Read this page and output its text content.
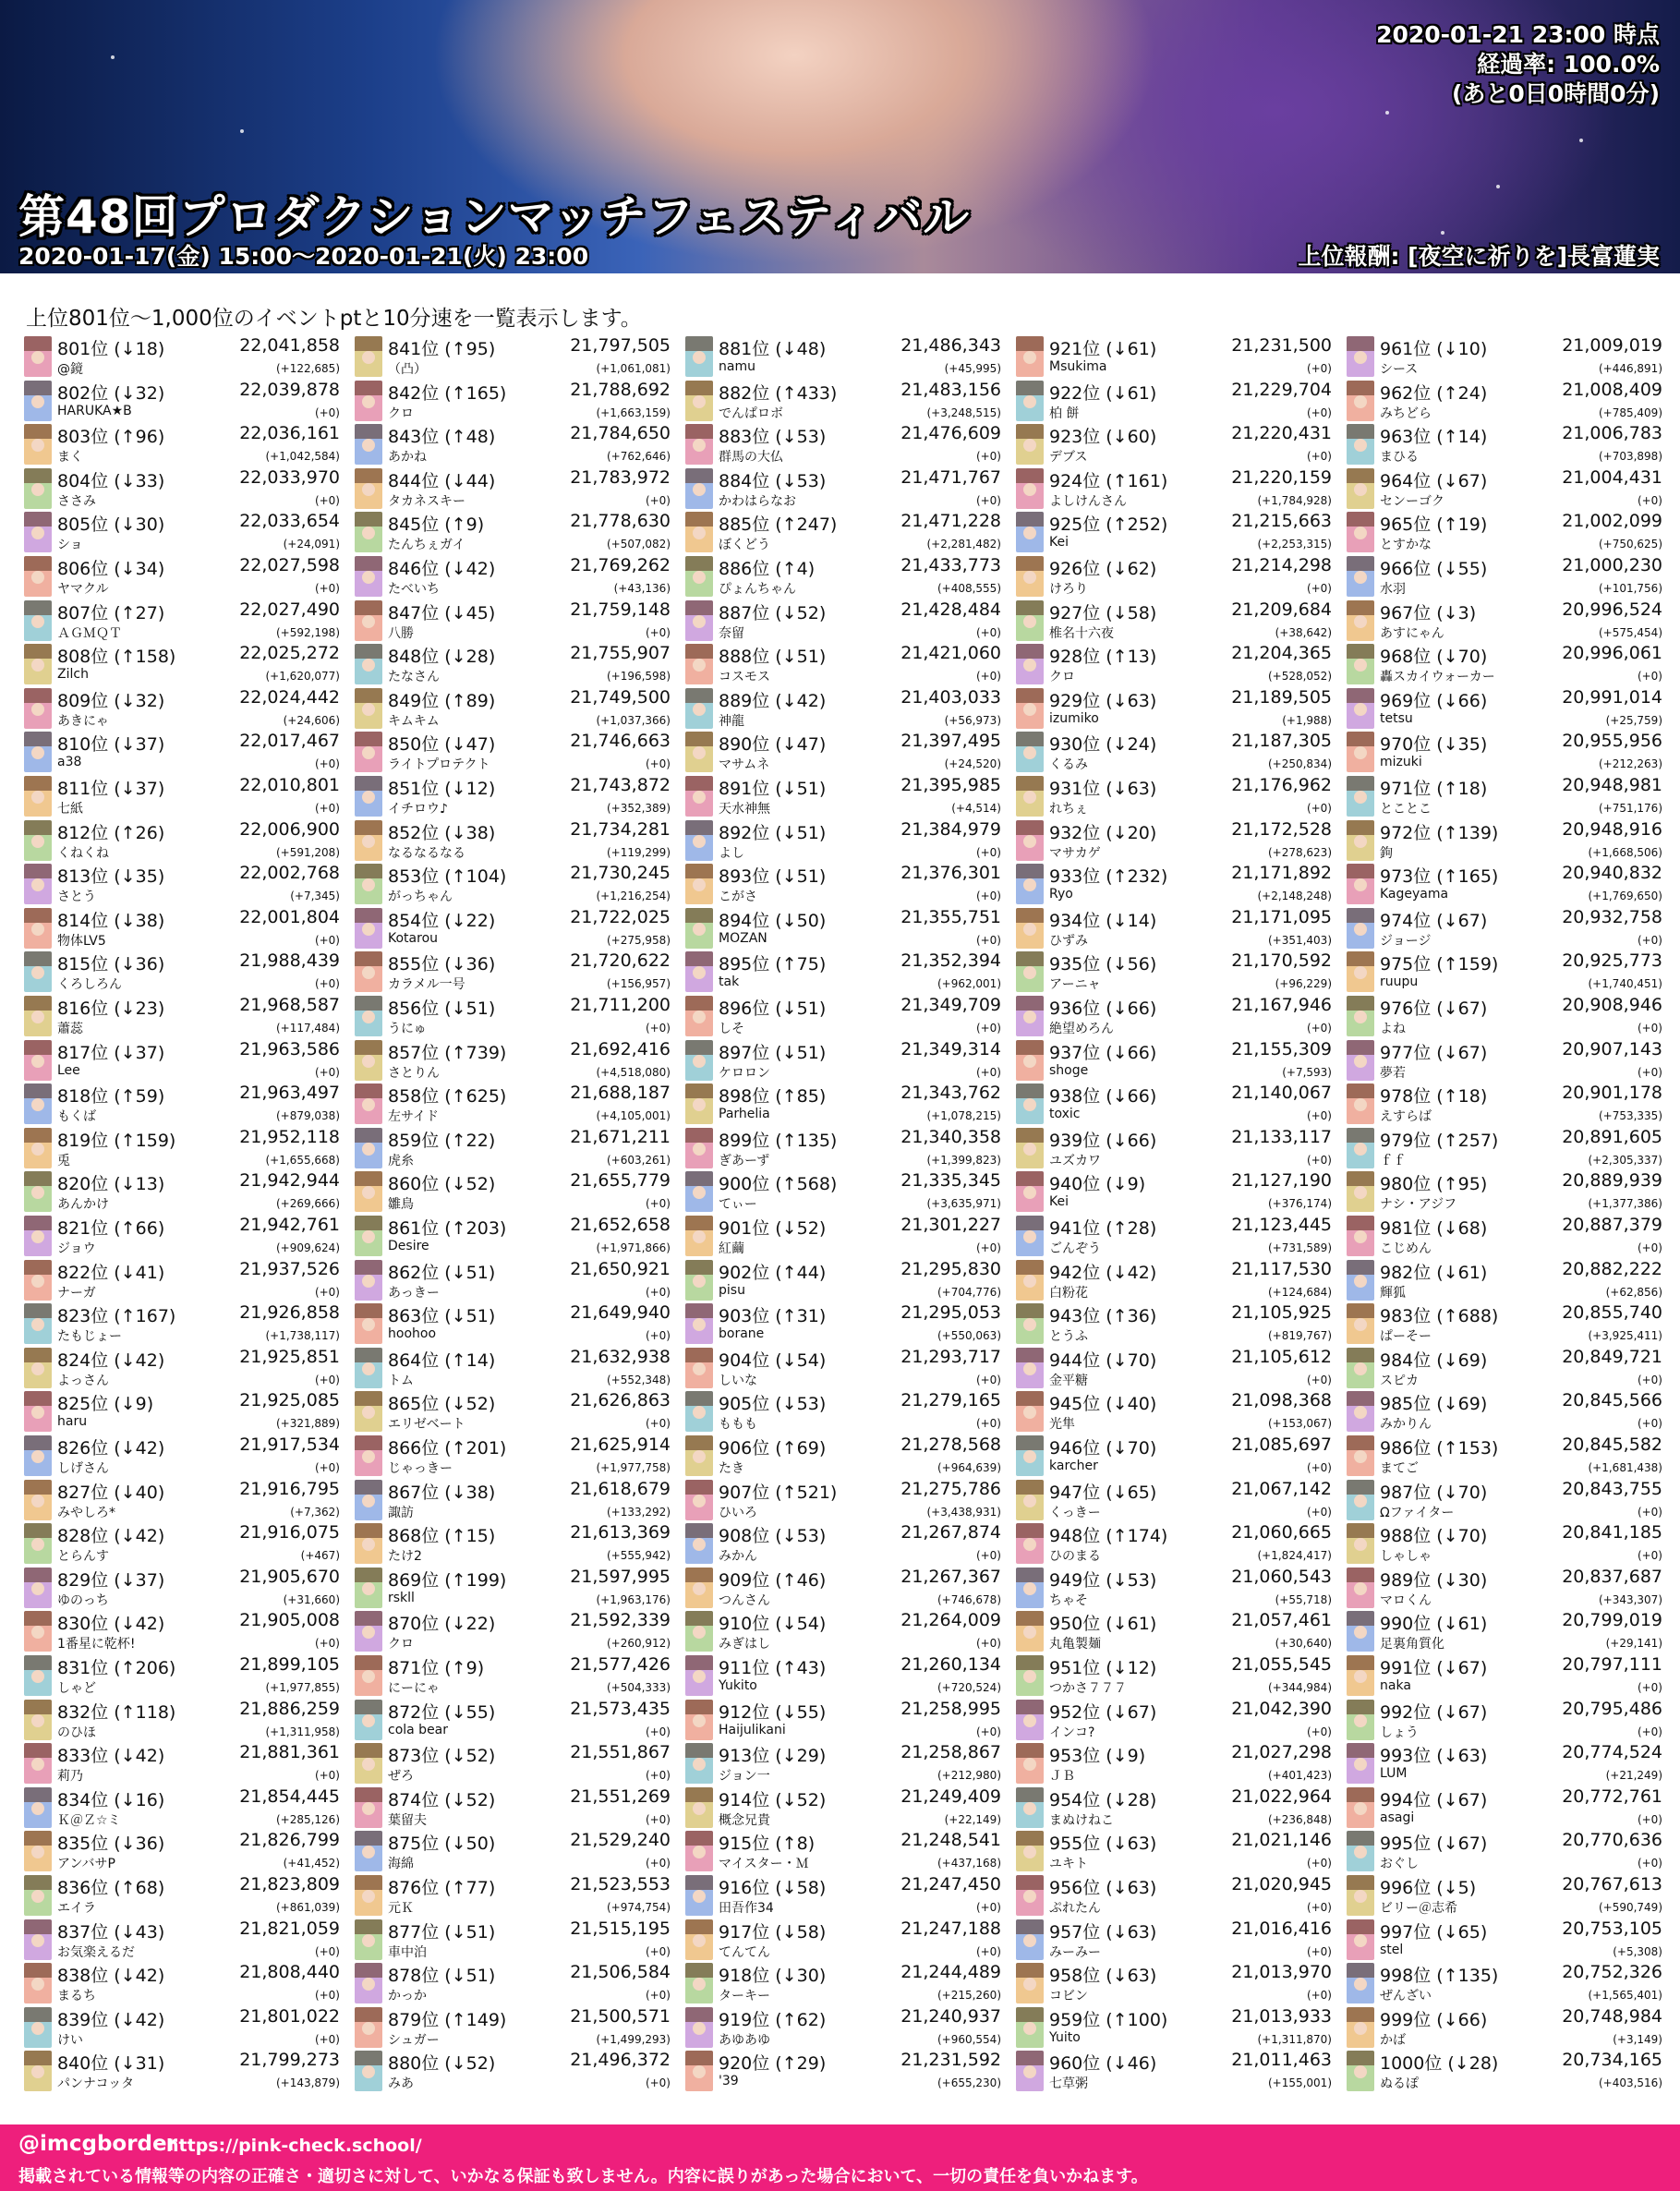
2020-01-21 23:00 時点
経過率: 100.0%
(あと0日0時間0分)
第48回プロダクションマッチフェスティバル
2020-01-17(金) 15:00～2020-01-21(火) 23:00	上位報酬: [夜空に祈りを]長富蓮実
上位801位～1,000位のイベントptと10分速を一覧表示します。
801位 (↓18)	22,041,858
@鏡	(+122,685)
802位 (↓32)	22,039,878
HARUKA★B	(+0)
803位 (↑96)	22,036,161
まく	(+1,042,584)
804位 (↓33)	22,033,970
ささみ	(+0)
805位 (↓30)	22,033,654
ショ	(+24,091)
806位 (↓34)	22,027,598
ヤマクル	(+0)
807位 (↑27)	22,027,490
ＡＧＭＱＴ	(+592,198)
808位 (↑158)	22,025,272
Zilch	(+1,620,077)
809位 (↓32)	22,024,442
あきにゃ	(+24,606)
810位 (↓37)	22,017,467
a38	(+0)
811位 (↓37)	22,010,801
七紙	(+0)
812位 (↑26)	22,006,900
くねくね	(+591,208)
813位 (↓35)	22,002,768
さとう	(+7,345)
814位 (↓38)	22,001,804
物体LV5	(+0)
815位 (↓36)	21,988,439
くろしろん	(+0)
816位 (↓23)	21,968,587
蕭蕊	(+117,484)
817位 (↓37)	21,963,586
Lee	(+0)
818位 (↑59)	21,963,497
もくば	(+879,038)
819位 (↑159)	21,952,118
兎	(+1,655,668)
820位 (↓13)	21,942,944
あんかけ	(+269,666)
821位 (↑66)	21,942,761
ジョウ	(+909,624)
822位 (↓41)	21,937,526
ナーガ	(+0)
823位 (↑167)	21,926,858
たもじょー	(+1,738,117)
824位 (↓42)	21,925,851
よっさん	(+0)
825位 (↓9)	21,925,085
haru	(+321,889)
826位 (↓42)	21,917,534
しげさん	(+0)
827位 (↓40)	21,916,795
みやしろ*	(+7,362)
828位 (↓42)	21,916,075
とらんす	(+467)
829位 (↓37)	21,905,670
ゆのっち	(+31,660)
830位 (↓42)	21,905,008
1番星に乾杯!	(+0)
831位 (↑206)	21,899,105
しゃど	(+1,977,855)
832位 (↑118)	21,886,259
のひほ	(+1,311,958)
833位 (↓42)	21,881,361
莉乃	(+0)
834位 (↓16)	21,854,445
Ｋ＠Ｚ☆ミ	(+285,126)
835位 (↓36)	21,826,799
アンバサP	(+41,452)
836位 (↑68)	21,823,809
エイラ	(+861,039)
837位 (↓43)	21,821,059
お気楽えるだ	(+0)
838位 (↓42)	21,808,440
まるち	(+0)
839位 (↓42)	21,801,022
けい	(+0)
840位 (↓31)	21,799,273
パンナコッタ	(+143,879)
841位 (↑95)	21,797,505
（凸）	(+1,061,081)
842位 (↑165)	21,788,692
クロ	(+1,663,159)
843位 (↑48)	21,784,650
あかね	(+762,646)
844位 (↓44)	21,783,972
タカネスキー	(+0)
845位 (↑9)	21,778,630
たんちぇガイ	(+507,082)
846位 (↓42)	21,769,262
たべいち	(+43,136)
847位 (↓45)	21,759,148
八勝	(+0)
848位 (↓28)	21,755,907
たなさん	(+196,598)
849位 (↑89)	21,749,500
キムキム	(+1,037,366)
850位 (↓47)	21,746,663
ライトプロテクト	(+0)
851位 (↓12)	21,743,872
イチロウ♪	(+352,389)
852位 (↓38)	21,734,281
なるなるなる	(+119,299)
853位 (↑104)	21,730,245
がっちゃん	(+1,216,254)
854位 (↓22)	21,722,025
Kotarou	(+275,958)
855位 (↓36)	21,720,622
カラメル一号	(+156,957)
856位 (↓51)	21,711,200
うにゅ	(+0)
857位 (↑739)	21,692,416
さとりん	(+4,518,080)
858位 (↑625)	21,688,187
左サイド	(+4,105,001)
859位 (↑22)	21,671,211
虎糸	(+603,261)
860位 (↓52)	21,655,779
雛鳥	(+0)
861位 (↑203)	21,652,658
Desire	(+1,971,866)
862位 (↓51)	21,650,921
あっきー	(+0)
863位 (↓51)	21,649,940
hoohoo	(+0)
864位 (↑14)	21,632,938
トム	(+552,348)
865位 (↓52)	21,626,863
エリゼベート	(+0)
866位 (↑201)	21,625,914
じゃっきー	(+1,977,758)
867位 (↓38)	21,618,679
諏訪	(+133,292)
868位 (↑15)	21,613,369
たけ2	(+555,942)
869位 (↑199)	21,597,995
rskll	(+1,963,176)
870位 (↓22)	21,592,339
クロ	(+260,912)
871位 (↑9)	21,577,426
にーにゃ	(+504,333)
872位 (↓55)	21,573,435
cola bear	(+0)
873位 (↓52)	21,551,867
ぜろ	(+0)
874位 (↓52)	21,551,269
葉留夫	(+0)
875位 (↓50)	21,529,240
海綿	(+0)
876位 (↑77)	21,523,553
元Ｋ	(+974,754)
877位 (↓51)	21,515,195
車中泊	(+0)
878位 (↓51)	21,506,584
かっか	(+0)
879位 (↑149)	21,500,571
シュガー	(+1,499,293)
880位 (↓52)	21,496,372
みあ	(+0)
881位 (↓48)	21,486,343
namu	(+45,995)
882位 (↑433)	21,483,156
でんぱロボ	(+3,248,515)
883位 (↓53)	21,476,609
群馬の大仏	(+0)
884位 (↓53)	21,471,767
かわはらなお	(+0)
885位 (↑247)	21,471,228
ぼくどう	(+2,281,482)
886位 (↑4)	21,433,773
ぴょんちゃん	(+408,555)
887位 (↓52)	21,428,484
奈留	(+0)
888位 (↓51)	21,421,060
コスモス	(+0)
889位 (↓42)	21,403,033
神龍	(+56,973)
890位 (↓47)	21,397,495
マサムネ	(+24,520)
891位 (↓51)	21,395,985
天水神無	(+4,514)
892位 (↓51)	21,384,979
よし	(+0)
893位 (↓51)	21,376,301
こがさ	(+0)
894位 (↓50)	21,355,751
MOZAN	(+0)
895位 (↑75)	21,352,394
tak	(+962,001)
896位 (↓51)	21,349,709
しそ	(+0)
897位 (↓51)	21,349,314
ケロロン	(+0)
898位 (↑85)	21,343,762
Parhelia	(+1,078,215)
899位 (↑135)	21,340,358
ぎあーず	(+1,399,823)
900位 (↑568)	21,335,345
てぃー	(+3,635,971)
901位 (↓52)	21,301,227
紅繭	(+0)
902位 (↑44)	21,295,830
pisu	(+704,776)
903位 (↑31)	21,295,053
borane	(+550,063)
904位 (↓54)	21,293,717
しいな	(+0)
905位 (↓53)	21,279,165
ももも	(+0)
906位 (↑69)	21,278,568
たき	(+964,639)
907位 (↑521)	21,275,786
ひいろ	(+3,438,931)
908位 (↓53)	21,267,874
みかん	(+0)
909位 (↑46)	21,267,367
つんさん	(+746,678)
910位 (↓54)	21,264,009
みぎはし	(+0)
911位 (↑43)	21,260,134
Yukito	(+720,524)
912位 (↓55)	21,258,995
Haijulikani	(+0)
913位 (↓29)	21,258,867
ジョン一	(+212,980)
914位 (↓52)	21,249,409
概念兄貴	(+22,149)
915位 (↑8)	21,248,541
マイスター・Ｍ	(+437,168)
916位 (↓58)	21,247,450
田吾作34	(+0)
917位 (↓58)	21,247,188
てんてん	(+0)
918位 (↓30)	21,244,489
ターキー	(+215,260)
919位 (↑62)	21,240,937
あゆあゆ	(+960,554)
920位 (↑29)	21,231,592
'39	(+655,230)
921位 (↓61)	21,231,500
Msukima	(+0)
922位 (↓61)	21,229,704
柏 餅	(+0)
923位 (↓60)	21,220,431
デブス	(+0)
924位 (↑161)	21,220,159
よしけんさん	(+1,784,928)
925位 (↑252)	21,215,663
Kei	(+2,253,315)
926位 (↓62)	21,214,298
けろり	(+0)
927位 (↓58)	21,209,684
椎名十六夜	(+38,642)
928位 (↑13)	21,204,365
クロ	(+528,052)
929位 (↓63)	21,189,505
izumiko	(+1,988)
930位 (↓24)	21,187,305
くるみ	(+250,834)
931位 (↓63)	21,176,962
れちぇ	(+0)
932位 (↓20)	21,172,528
マサカゲ	(+278,623)
933位 (↑232)	21,171,892
Ryo	(+2,148,248)
934位 (↓14)	21,171,095
ひずみ	(+351,403)
935位 (↓56)	21,170,592
アーニャ	(+96,229)
936位 (↓66)	21,167,946
絶望めろん	(+0)
937位 (↓66)	21,155,309
shoge	(+7,593)
938位 (↓66)	21,140,067
toxic	(+0)
939位 (↓66)	21,133,117
ユズカワ	(+0)
940位 (↓9)	21,127,190
Kei	(+376,174)
941位 (↑28)	21,123,445
ごんぞう	(+731,589)
942位 (↓42)	21,117,530
白粉花	(+124,684)
943位 (↑36)	21,105,925
とうふ	(+819,767)
944位 (↓70)	21,105,612
金平糖	(+0)
945位 (↓40)	21,098,368
光隼	(+153,067)
946位 (↓70)	21,085,697
karcher	(+0)
947位 (↓65)	21,067,142
くっきー	(+0)
948位 (↑174)	21,060,665
ひのまる	(+1,824,417)
949位 (↓53)	21,060,543
ちゃそ	(+55,718)
950位 (↓61)	21,057,461
丸亀製麺	(+30,640)
951位 (↓12)	21,055,545
つかさ７７７	(+344,984)
952位 (↓67)	21,042,390
インコ?	(+0)
953位 (↓9)	21,027,298
ＪＢ	(+401,423)
954位 (↓28)	21,022,964
まぬけねこ	(+236,848)
955位 (↓63)	21,021,146
ユキト	(+0)
956位 (↓63)	21,020,945
ぷれたん	(+0)
957位 (↓63)	21,016,416
みーみー	(+0)
958位 (↓63)	21,013,970
コビン	(+0)
959位 (↑100)	21,013,933
Yuito	(+1,311,870)
960位 (↓46)	21,011,463
七草粥	(+155,001)
961位 (↓10)	21,009,019
シース	(+446,891)
962位 (↑24)	21,008,409
みちどら	(+785,409)
963位 (↑14)	21,006,783
まひる	(+703,898)
964位 (↓67)	21,004,431
センーゴク	(+0)
965位 (↑19)	21,002,099
とすかな	(+750,625)
966位 (↓55)	21,000,230
水羽	(+101,756)
967位 (↓3)	20,996,524
あすにゃん	(+575,454)
968位 (↓70)	20,996,061
轟スカイウォーカー	(+0)
969位 (↓66)	20,991,014
tetsu	(+25,759)
970位 (↓35)	20,955,956
mizuki	(+212,263)
971位 (↑18)	20,948,981
とことこ	(+751,176)
972位 (↑139)	20,948,916
鉤	(+1,668,506)
973位 (↑165)	20,940,832
Kageyama	(+1,769,650)
974位 (↓67)	20,932,758
ジョージ	(+0)
975位 (↑159)	20,925,773
ruupu	(+1,740,451)
976位 (↓67)	20,908,946
よね	(+0)
977位 (↓67)	20,907,143
夢若	(+0)
978位 (↑18)	20,901,178
えすらば	(+753,335)
979位 (↑257)	20,891,605
ｆｆ	(+2,305,337)
980位 (↑95)	20,889,939
ナシ・アジフ	(+1,377,386)
981位 (↓68)	20,887,379
こじめん	(+0)
982位 (↓61)	20,882,222
輝狐	(+62,856)
983位 (↑688)	20,855,740
ぱーそー	(+3,925,411)
984位 (↓69)	20,849,721
スピカ	(+0)
985位 (↓69)	20,845,566
みかりん	(+0)
986位 (↑153)	20,845,582
まてご	(+1,681,438)
987位 (↓70)	20,843,755
Ωファイター	(+0)
988位 (↓70)	20,841,185
しゃしゃ	(+0)
989位 (↓30)	20,837,687
マロくん	(+343,307)
990位 (↓61)	20,799,019
足裏角質化	(+29,141)
991位 (↓67)	20,797,111
naka	(+0)
992位 (↓67)	20,795,486
しょう	(+0)
993位 (↓63)	20,774,524
LUM	(+21,249)
994位 (↓67)	20,772,761
asagi	(+0)
995位 (↓67)	20,770,636
おぐし	(+0)
996位 (↓5)	20,767,613
ビリー＠志希	(+590,749)
997位 (↓65)	20,753,105
stel	(+5,308)
998位 (↑135)	20,752,326
ぜんざい	(+1,565,401)
999位 (↓66)	20,748,984
かば	(+3,149)
1000位 (↓28)	20,734,165
ぬるぽ	(+403,516)
@imcgborder
https://pink-check.school/
掲載されている情報等の内容の正確さ・適切さに対して、いかなる保証も致しません。内容に誤りがあった場合において、一切の責任を負いかねます。
